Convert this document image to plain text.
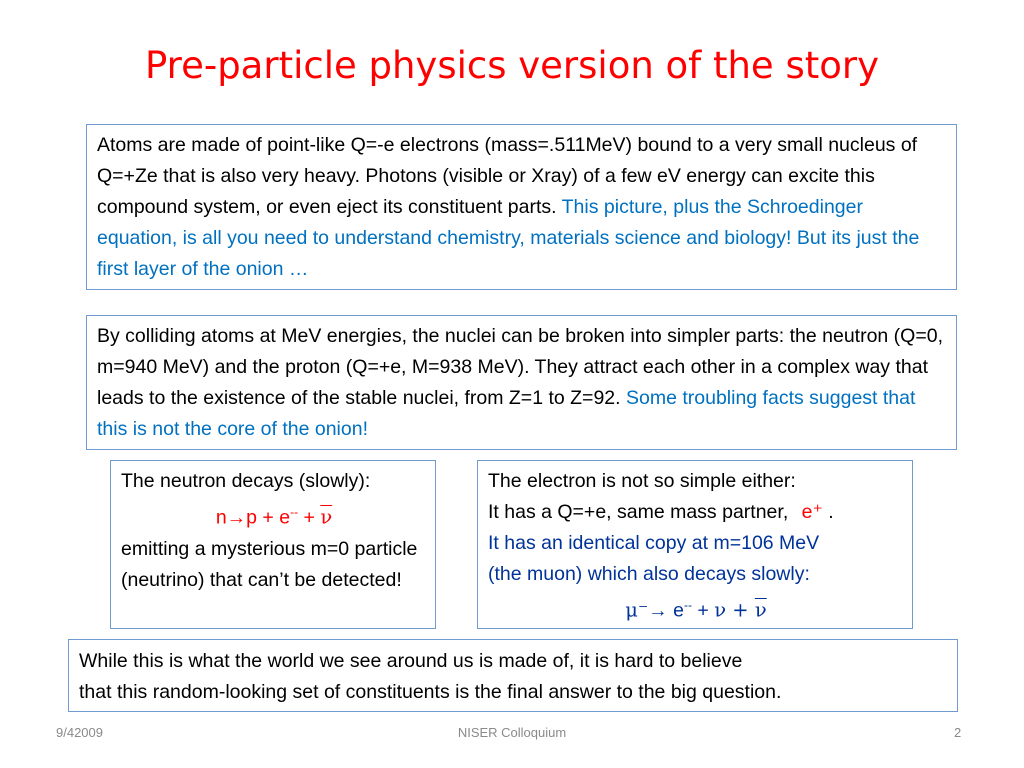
Pre-particle physics version of the story
Atoms are made of point-like Q=-e electrons (mass=.511MeV) bound to a very small nucleus of Q=+Ze that is also very heavy. Photons (visible or Xray) of a few eV energy can excite this compound system, or even eject its constituent parts. This picture, plus the Schroedinger equation, is all you need to understand chemistry, materials science and biology! But its just the first layer of the onion …
By colliding atoms at MeV energies, the nuclei can be broken into simpler parts: the neutron (Q=0, m=940 MeV) and the proton (Q=+e, M=938 MeV). They attract each other in a complex way that leads to the existence of the stable nuclei, from Z=1 to Z=92. Some troubling facts suggest that this is not the core of the onion!
The neutron decays (slowly):
$n\to p + e^{--} + \overline{\nu}$
emitting a mysterious m=0 particle (neutrino) that can’t be detected!
The electron is not so simple either:
It has a Q=+e, same mass partner, e⁺ .
It has an identical copy at m=106 MeV
(the muon) which also decays slowly:
$\mu^-\to e^{--} + \nu + \overline{\nu}$
While this is what the world we see around us is made of, it is hard to believe
that this random-looking set of constituents is the final answer to the big question.
9/42009	NISER Colloquium	2
